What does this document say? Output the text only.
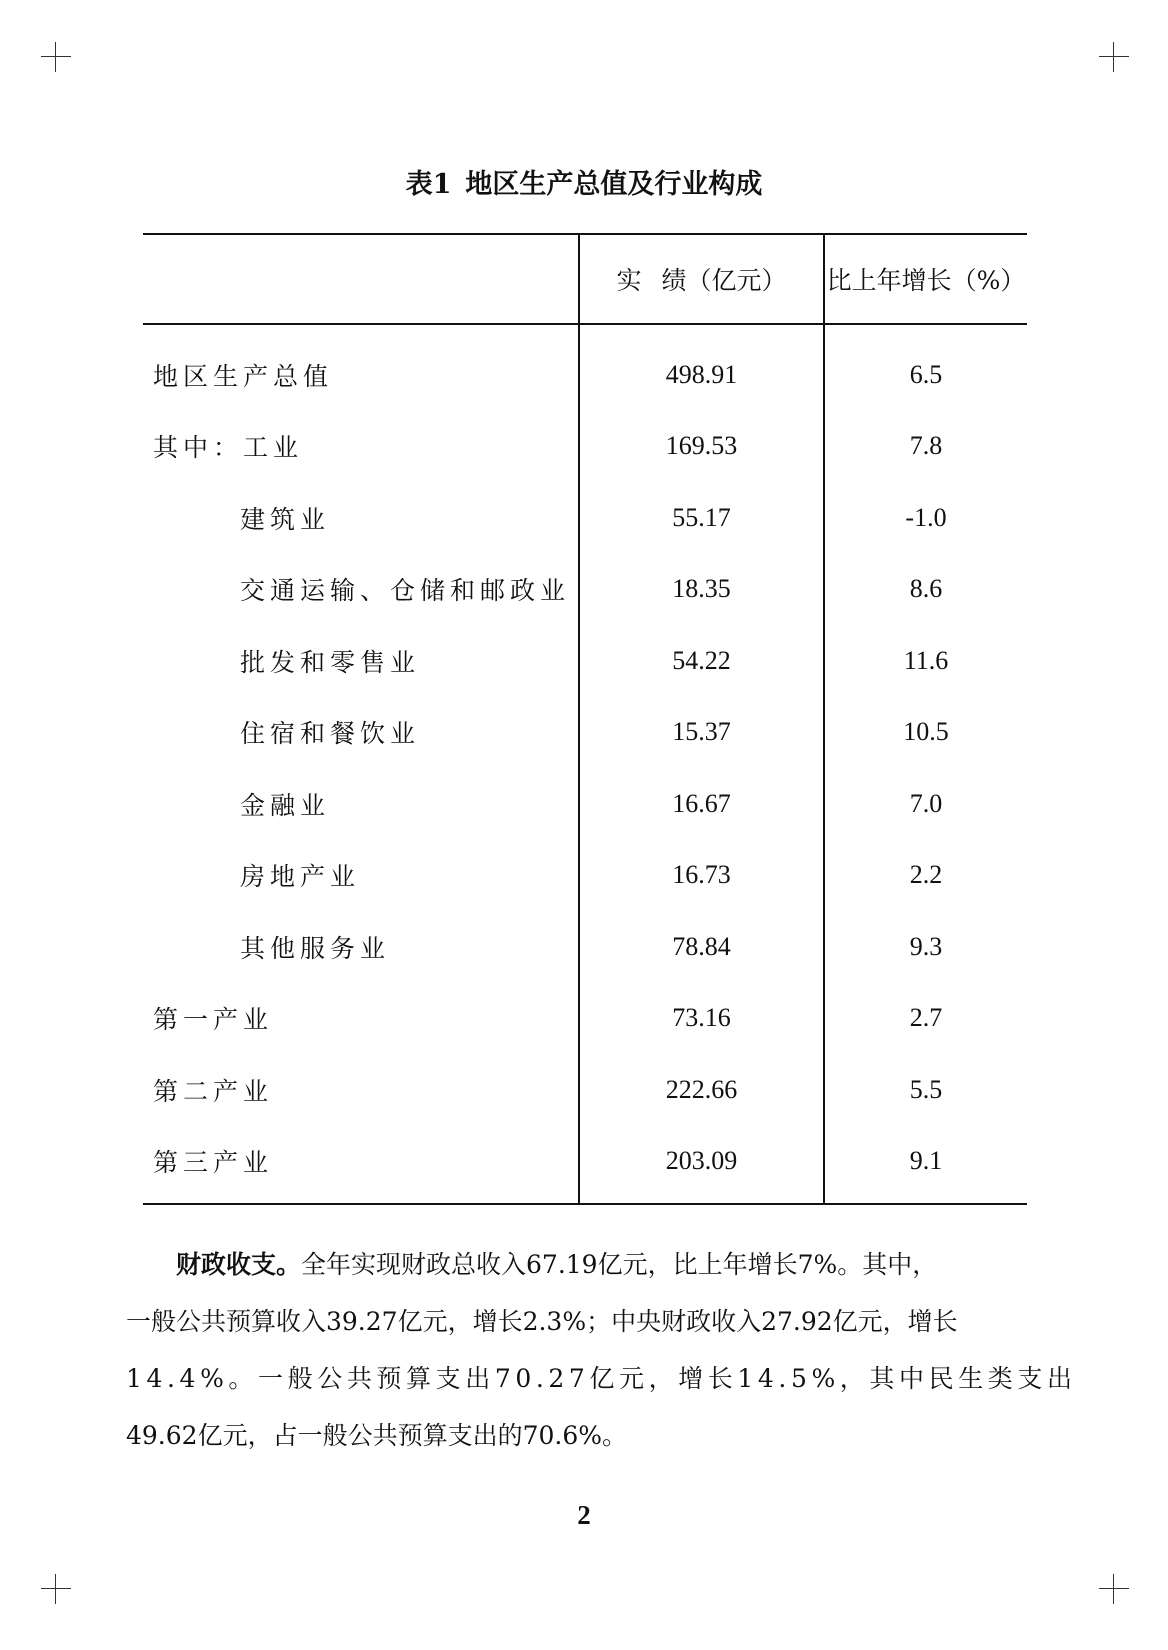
表1 地区生产总值及行业构成
	实 绩（亿元）	比上年增长（%）
地区生产总值	498.91	6.5
其中：工业	169.53	7.8
建筑业	55.17	-1.0
交通运输、仓储和邮政业	18.35	8.6
批发和零售业	54.22	11.6
住宿和餐饮业	15.37	10.5
金融业	16.67	7.0
房地产业	16.73	2.2
其他服务业	78.84	9.3
第一产业	73.16	2.7
第二产业	222.66	5.5
第三产业	203.09	9.1

财政收支。全年实现财政总收入67.19亿元，比上年增长7%。其中，
一般公共预算收入39.27亿元，增长2.3%；中央财政收入27.92亿元，增长
14.4%。一般公共预算支出70.27亿元，增长14.5%，其中民生类支出
49.62亿元，占一般公共预算支出的70.6%。

2
